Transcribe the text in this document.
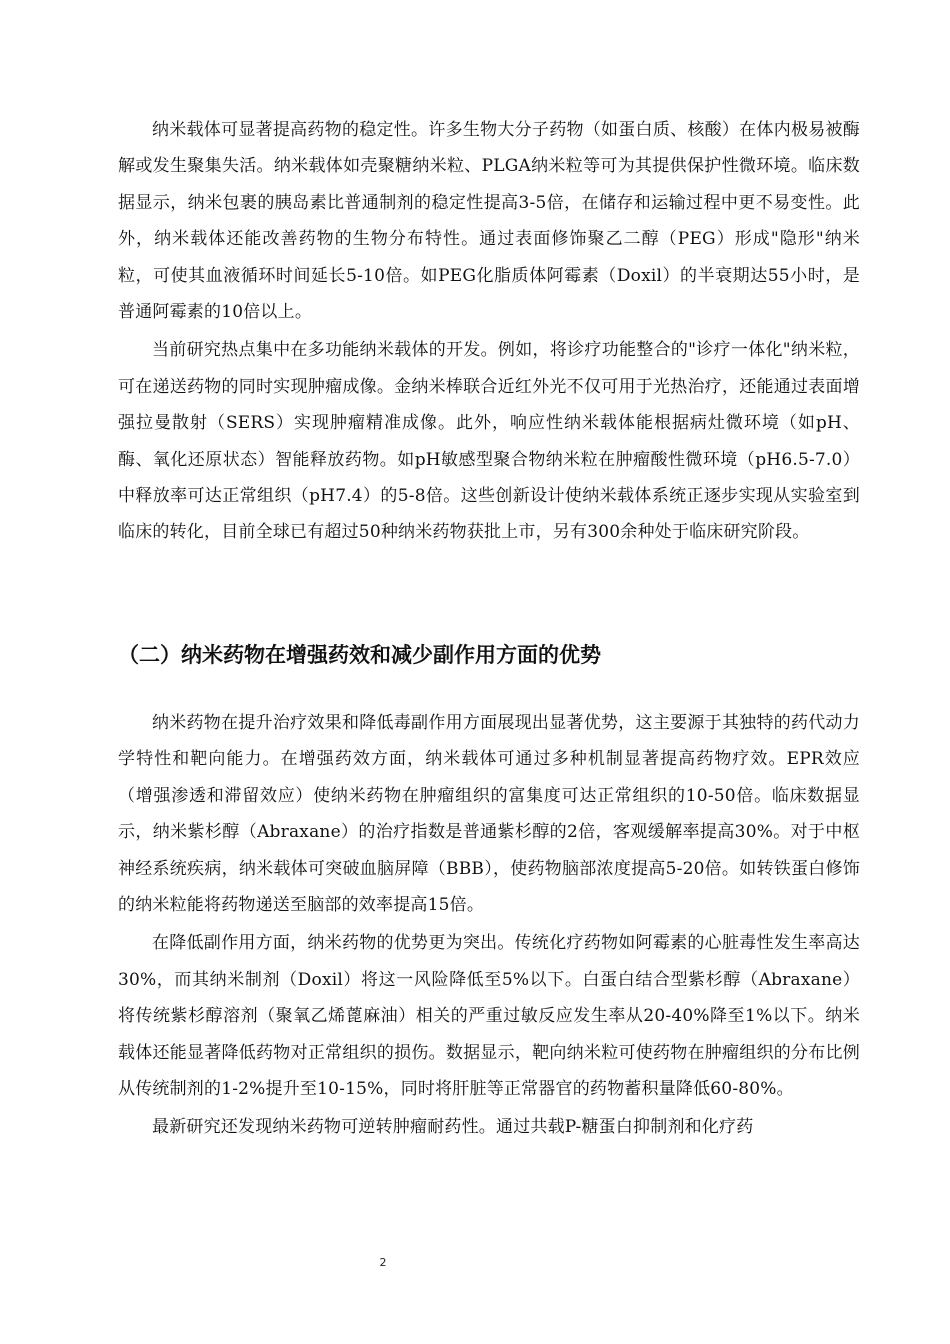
纳米载体可显著提高药物的稳定性。许多生物大分子药物（如蛋白质、核酸）在体内极易被酶解或发生聚集失活。纳米载体如壳聚糖纳米粒、PLGA纳米粒等可为其提供保护性微环境。临床数据显示，纳米包裹的胰岛素比普通制剂的稳定性提高3-5倍，在储存和运输过程中更不易变性。此外，纳米载体还能改善药物的生物分布特性。通过表面修饰聚乙二醇（PEG）形成"隐形"纳米粒，可使其血液循环时间延长5-10倍。如PEG化脂质体阿霉素（Doxil）的半衰期达55小时，是普通阿霉素的10倍以上。

当前研究热点集中在多功能纳米载体的开发。例如，将诊疗功能整合的"诊疗一体化"纳米粒，可在递送药物的同时实现肿瘤成像。金纳米棒联合近红外光不仅可用于光热治疗，还能通过表面增强拉曼散射（SERS）实现肿瘤精准成像。此外，响应性纳米载体能根据病灶微环境（如pH、酶、氧化还原状态）智能释放药物。如pH敏感型聚合物纳米粒在肿瘤酸性微环境（pH6.5-7.0）中释放率可达正常组织（pH7.4）的5-8倍。这些创新设计使纳米载体系统正逐步实现从实验室到临床的转化，目前全球已有超过50种纳米药物获批上市，另有300余种处于临床研究阶段。

（二）纳米药物在增强药效和减少副作用方面的优势

纳米药物在提升治疗效果和降低毒副作用方面展现出显著优势，这主要源于其独特的药代动力学特性和靶向能力。在增强药效方面，纳米载体可通过多种机制显著提高药物疗效。EPR效应（增强渗透和滞留效应）使纳米药物在肿瘤组织的富集度可达正常组织的10-50倍。临床数据显示，纳米紫杉醇（Abraxane）的治疗指数是普通紫杉醇的2倍，客观缓解率提高30%。对于中枢神经系统疾病，纳米载体可突破血脑屏障（BBB），使药物脑部浓度提高5-20倍。如转铁蛋白修饰的纳米粒能将药物递送至脑部的效率提高15倍。

在降低副作用方面，纳米药物的优势更为突出。传统化疗药物如阿霉素的心脏毒性发生率高达30%，而其纳米制剂（Doxil）将这一风险降低至5%以下。白蛋白结合型紫杉醇（Abraxane）将传统紫杉醇溶剂（聚氧乙烯蓖麻油）相关的严重过敏反应发生率从20-40%降至1%以下。纳米载体还能显著降低药物对正常组织的损伤。数据显示，靶向纳米粒可使药物在肿瘤组织的分布比例从传统制剂的1-2%提升至10-15%，同时将肝脏等正常器官的药物蓄积量降低60-80%。

最新研究还发现纳米药物可逆转肿瘤耐药性。通过共载P-糖蛋白抑制剂和化疗药

2
